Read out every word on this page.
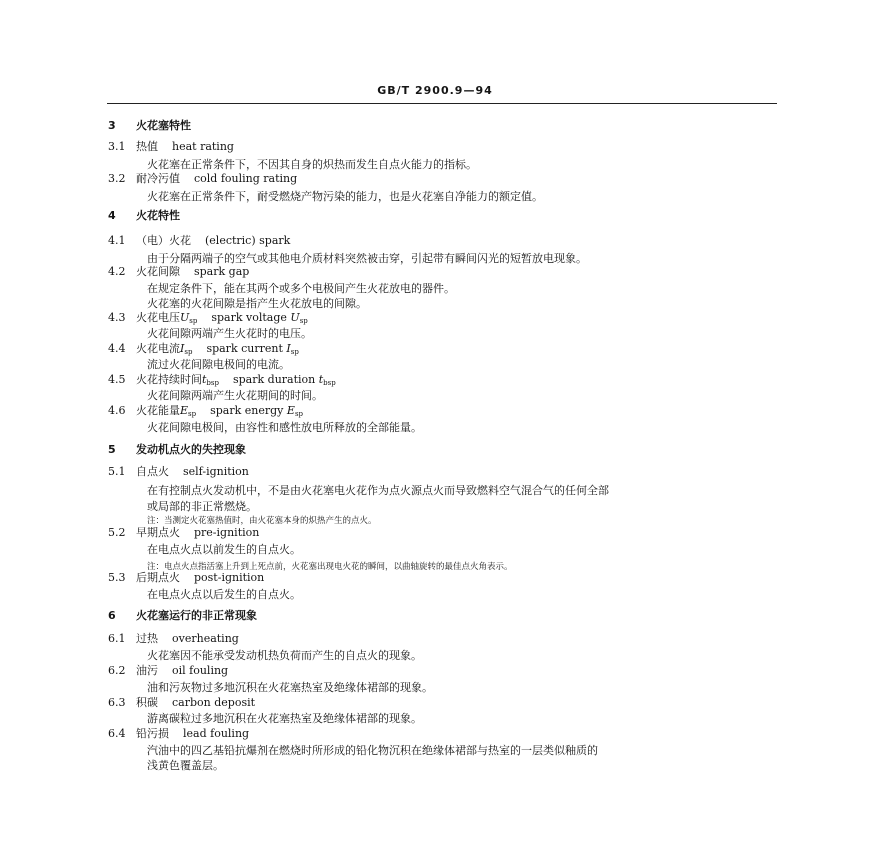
GB/T 2900.9—94
3 火花塞特性
3.1 热值 heat rating
火花塞在正常条件下，不因其自身的炽热而发生自点火能力的指标。
3.2 耐冷污值 cold fouling rating
火花塞在正常条件下，耐受燃烧产物污染的能力，也是火花塞自净能力的额定值。
4 火花特性
4.1 （电）火花 (electric) spark
由于分隔两端子的空气或其他电介质材料突然被击穿，引起带有瞬间闪光的短暂放电现象。
4.2 火花间隙 spark gap
在规定条件下，能在其两个或多个电极间产生火花放电的器件。
火花塞的火花间隙是指产生火花放电的间隙。
4.3 火花电压$U_{sp}$ spark voltage $U_{sp}$
火花间隙两端产生火花时的电压。
4.4 火花电流$I_{sp}$ spark current $I_{sp}$
流过火花间隙电极间的电流。
4.5 火花持续时间$t_{bsp}$ spark duration $t_{bsp}$
火花间隙两端产生火花期间的时间。
4.6 火花能量$E_{sp}$ spark energy $E_{sp}$
火花间隙电极间，由容性和感性放电所释放的全部能量。
5 发动机点火的失控现象
5.1 自点火 self-ignition
在有控制点火发动机中，不是由火花塞电火花作为点火源点火而导致燃料空气混合气的任何全部
或局部的非正常燃烧。
注：当测定火花塞热值时，由火花塞本身的炽热产生的点火。
5.2 早期点火 pre-ignition
在电点火点以前发生的自点火。
注：电点火点指活塞上升到上死点前，火花塞出现电火花的瞬间，以曲轴旋转的最佳点火角表示。
5.3 后期点火 post-ignition
在电点火点以后发生的自点火。
6 火花塞运行的非正常现象
6.1 过热 overheating
火花塞因不能承受发动机热负荷而产生的自点火的现象。
6.2 油污 oil fouling
油和污灰物过多地沉积在火花塞热室及绝缘体裙部的现象。
6.3 积碳 carbon deposit
游离碳粒过多地沉积在火花塞热室及绝缘体裙部的现象。
6.4 铅污损 lead fouling
汽油中的四乙基铅抗爆剂在燃烧时所形成的铅化物沉积在绝缘体裙部与热室的一层类似釉质的
浅黄色覆盖层。
